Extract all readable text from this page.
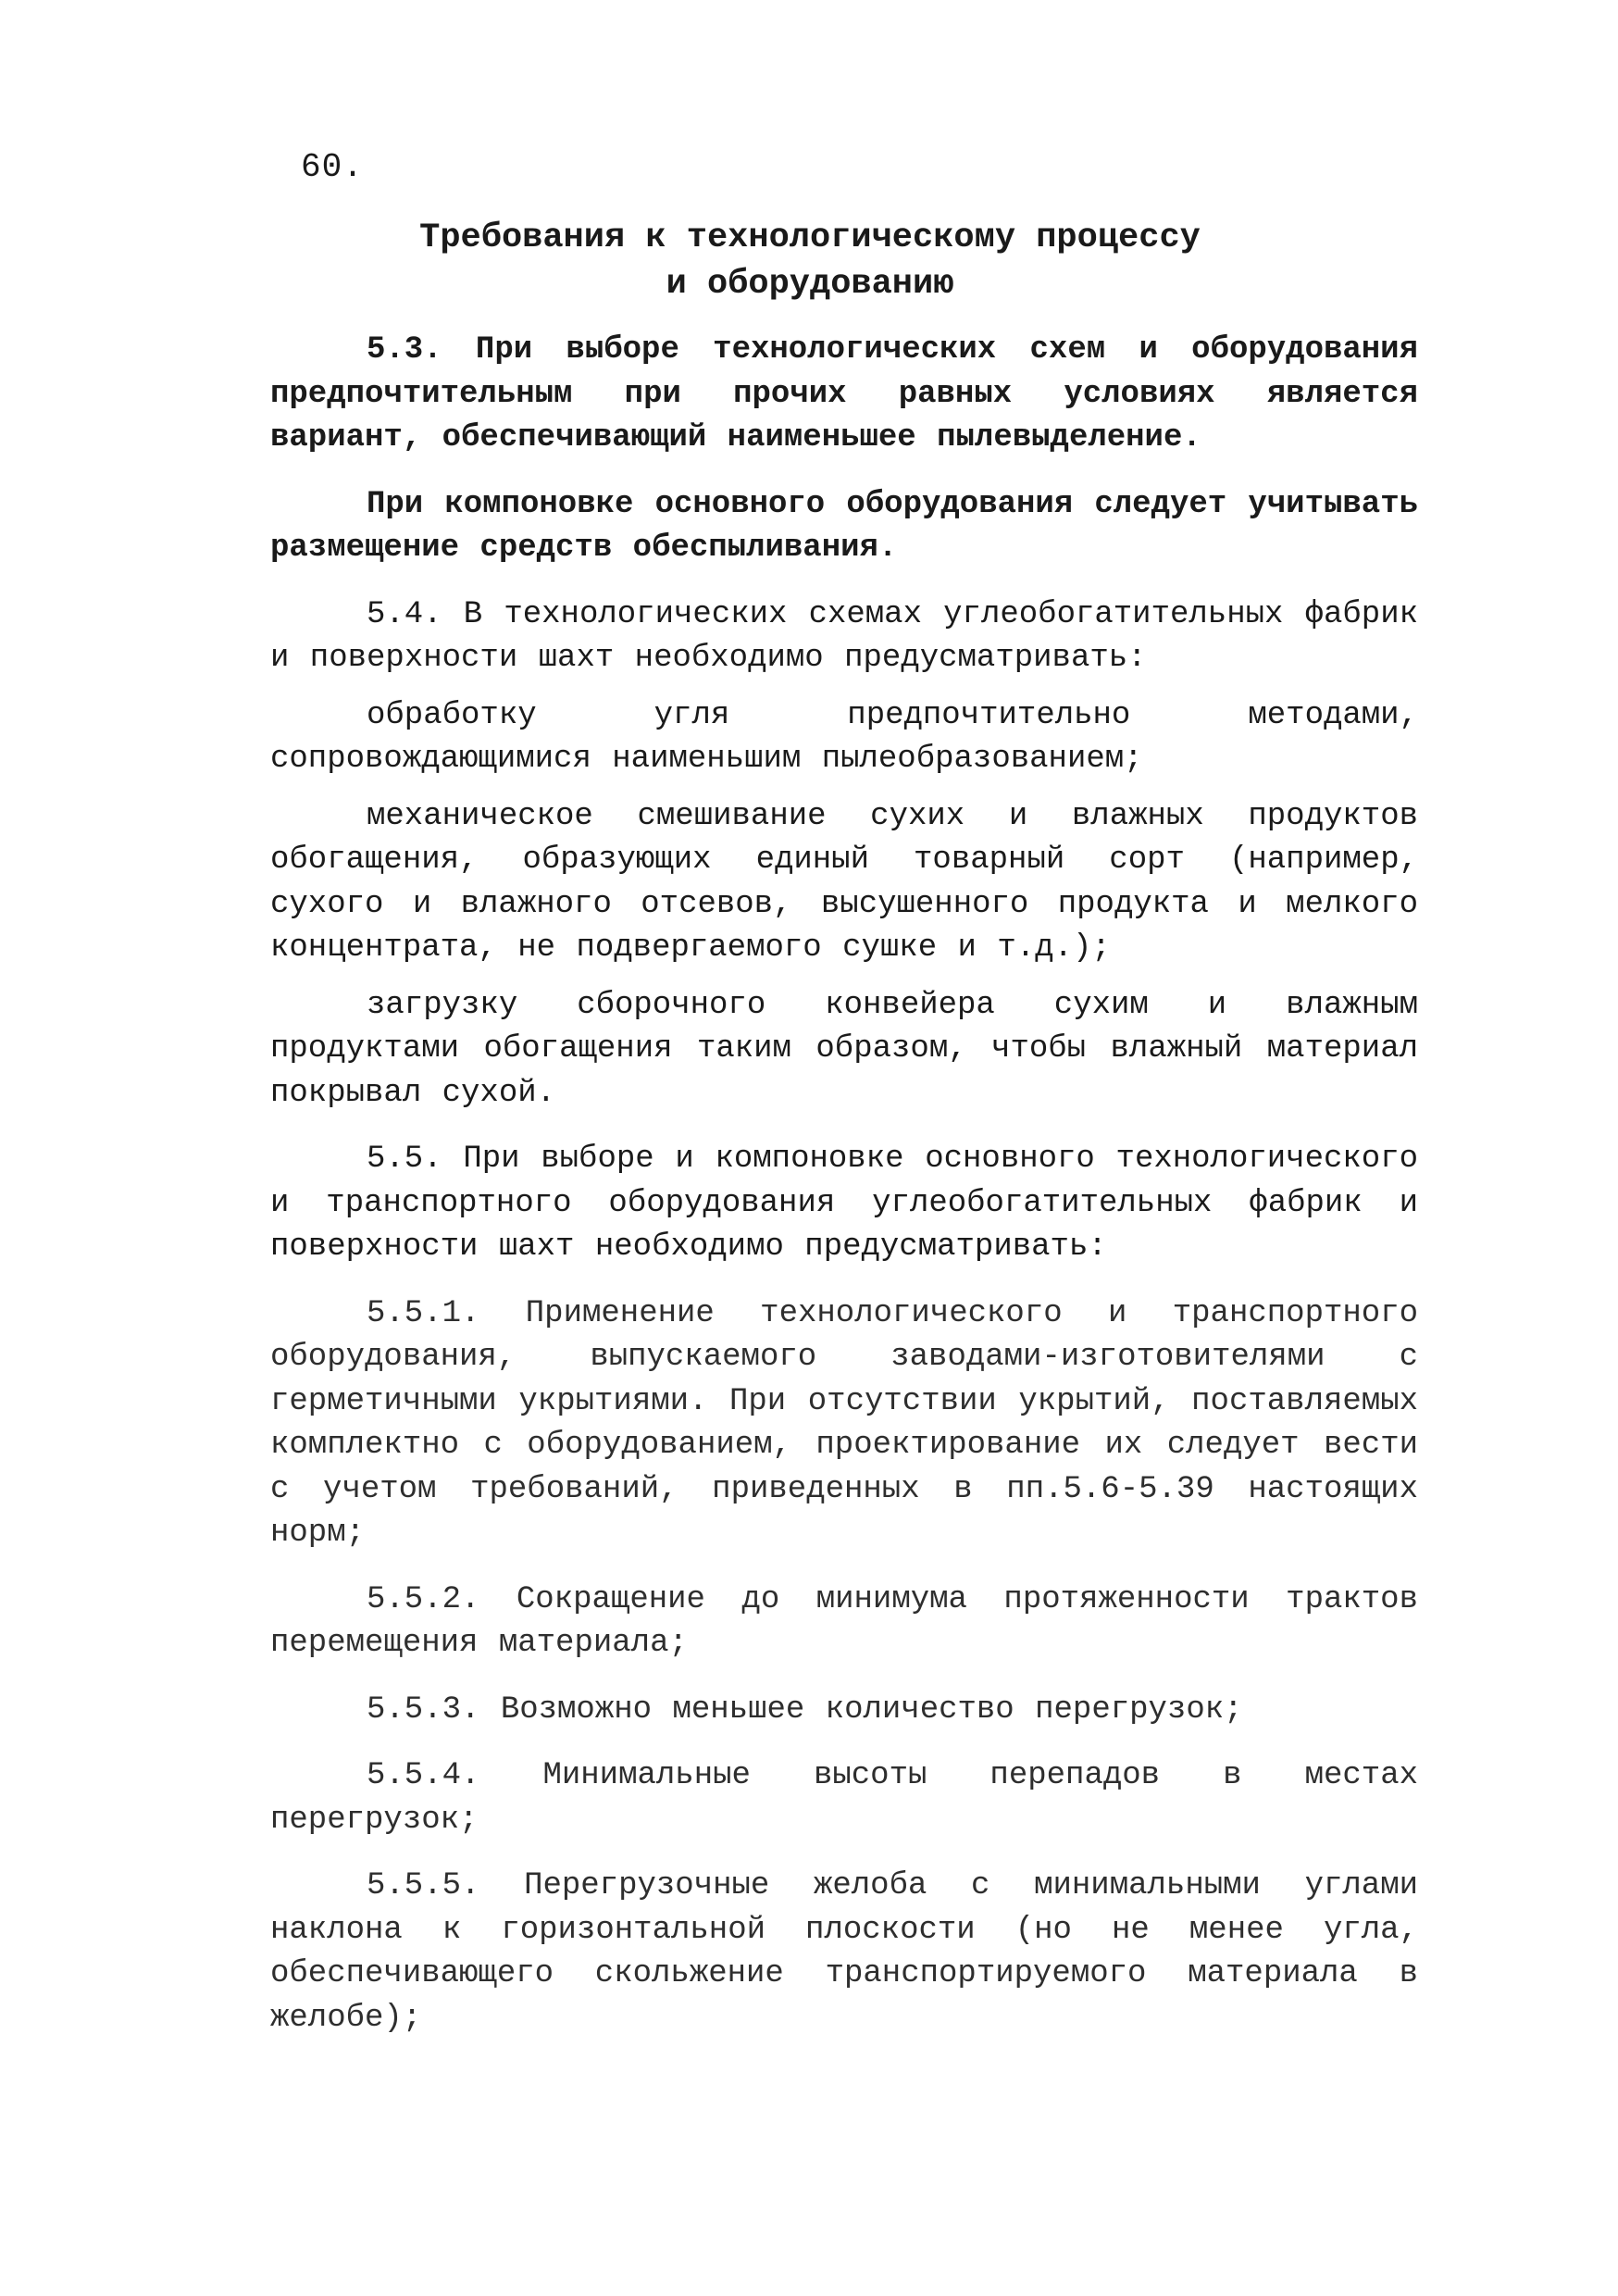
60.
Требования к технологическому процессу
и оборудованию

5.3. При выборе технологических схем и оборудования предпочтительным при прочих равных условиях является вариант, обеспечивающий наименьшее пылевыделение.

При компоновке основного оборудования следует учитывать размещение средств обеспыливания.

5.4. В технологических схемах углеобогатительных фабрик и поверхности шахт необходимо предусматривать:

обработку угля предпочтительно методами, сопровождающимися наименьшим пылеобразованием;

механическое смешивание сухих и влажных продуктов обогащения, образующих единый товарный сорт (например, сухого и влажного отсевов, высушенного продукта и мелкого концентрата, не подвергаемого сушке и т.д.);

загрузку сборочного конвейера сухим и влажным продуктами обогащения таким образом, чтобы влажный материал покрывал сухой.

5.5. При выборе и компоновке основного технологического и транспортного оборудования углеобогатительных фабрик и поверхности шахт необходимо предусматривать:

5.5.1. Применение технологического и транспортного оборудования, выпускаемого заводами-изготовителями с герметичными укрытиями. При отсутствии укрытий, поставляемых комплектно с оборудованием, проектирование их следует вести с учетом требований, приведенных в пп.5.6-5.39 настоящих норм;

5.5.2. Сокращение до минимума протяженности трактов перемещения материала;

5.5.3. Возможно меньшее количество перегрузок;

5.5.4. Минимальные высоты перепадов в местах перегрузок;

5.5.5. Перегрузочные желоба с минимальными углами наклона к горизонтальной плоскости (но не менее угла, обеспечивающего скольжение транспортируемого материала в желобе);
